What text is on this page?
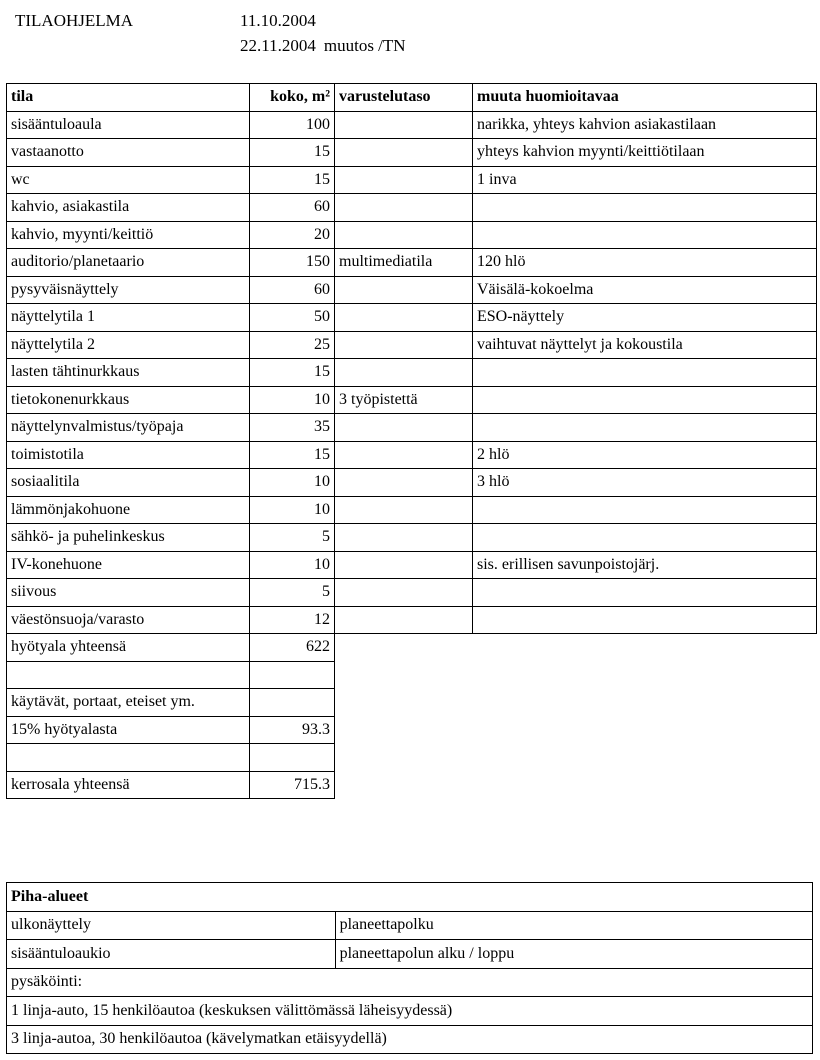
TILAOHJELMA	11.10.2004
22.11.2004 muutos /TN
tila	koko, m²	varustelutaso	muuta huomioitavaa
sisääntuloaula	100		narikka, yhteys kahvion asiakastilaan
vastaanotto	15		yhteys kahvion myynti/keittiötilaan
wc	15		1 inva
kahvio, asiakastila	60		
kahvio, myynti/keittiö	20		
auditorio/planetaario	150	multimediatila	120 hlö
pysyväisnäyttely	60		Väisälä-kokoelma
näyttelytila 1	50		ESO-näyttely
näyttelytila 2	25		vaihtuvat näyttelyt ja kokoustila
lasten tähtinurkkaus	15		
tietokonenurkkaus	10	3 työpistettä	
näyttelynvalmistus/työpaja	35		
toimistotila	15		2 hlö
sosiaalitila	10		3 hlö
lämmönjakohuone	10		
sähkö- ja puhelinkeskus	5		
IV-konehuone	10		sis. erillisen savunpoistojärj.
siivous	5		
väestönsuoja/varasto	12		
hyötyala yhteensä	622		

käytävät, portaat, eteiset ym.			
15% hyötyalasta	93.3		

kerrosala yhteensä	715.3		
Piha-alueet	
ulkonäyttely	planeettapolku
sisääntuloaukio	planeettapolun alku / loppu
pysäköinti:	
1 linja-auto, 15 henkilöautoa (keskuksen välittömässä läheisyydessä)	
3 linja-autoa, 30 henkilöautoa (kävelymatkan etäisyydellä)	
